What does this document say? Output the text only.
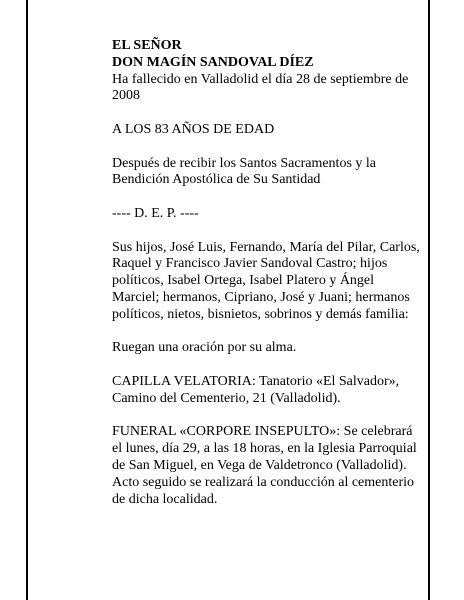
EL SEÑOR

DON MAGÍN SANDOVAL DÍEZ

Ha fallecido en Valladolid el día 28 de septiembre de 2008

A LOS 83 AÑOS DE EDAD

Después de recibir los Santos Sacramentos y la Bendición Apostólica de Su Santidad

---- D. E. P. ----

Sus hijos, José Luis, Fernando, María del Pilar, Carlos, Raquel y Francisco Javier Sandoval Castro; hijos políticos, Isabel Ortega, Isabel Platero y Ángel Marciel; hermanos, Cipriano, José y Juani; hermanos políticos, nietos, bisnietos, sobrinos y demás familia:

Ruegan una oración por su alma.

CAPILLA VELATORIA: Tanatorio «El Salvador», Camino del Cementerio, 21 (Valladolid).

FUNERAL «CORPORE INSEPULTO»: Se celebrará el lunes, día 29, a las 18 horas, en la Iglesia Parroquial de San Miguel, en Vega de Valdetronco (Valladolid). Acto seguido se realizará la conducción al cementerio de dicha localidad.
